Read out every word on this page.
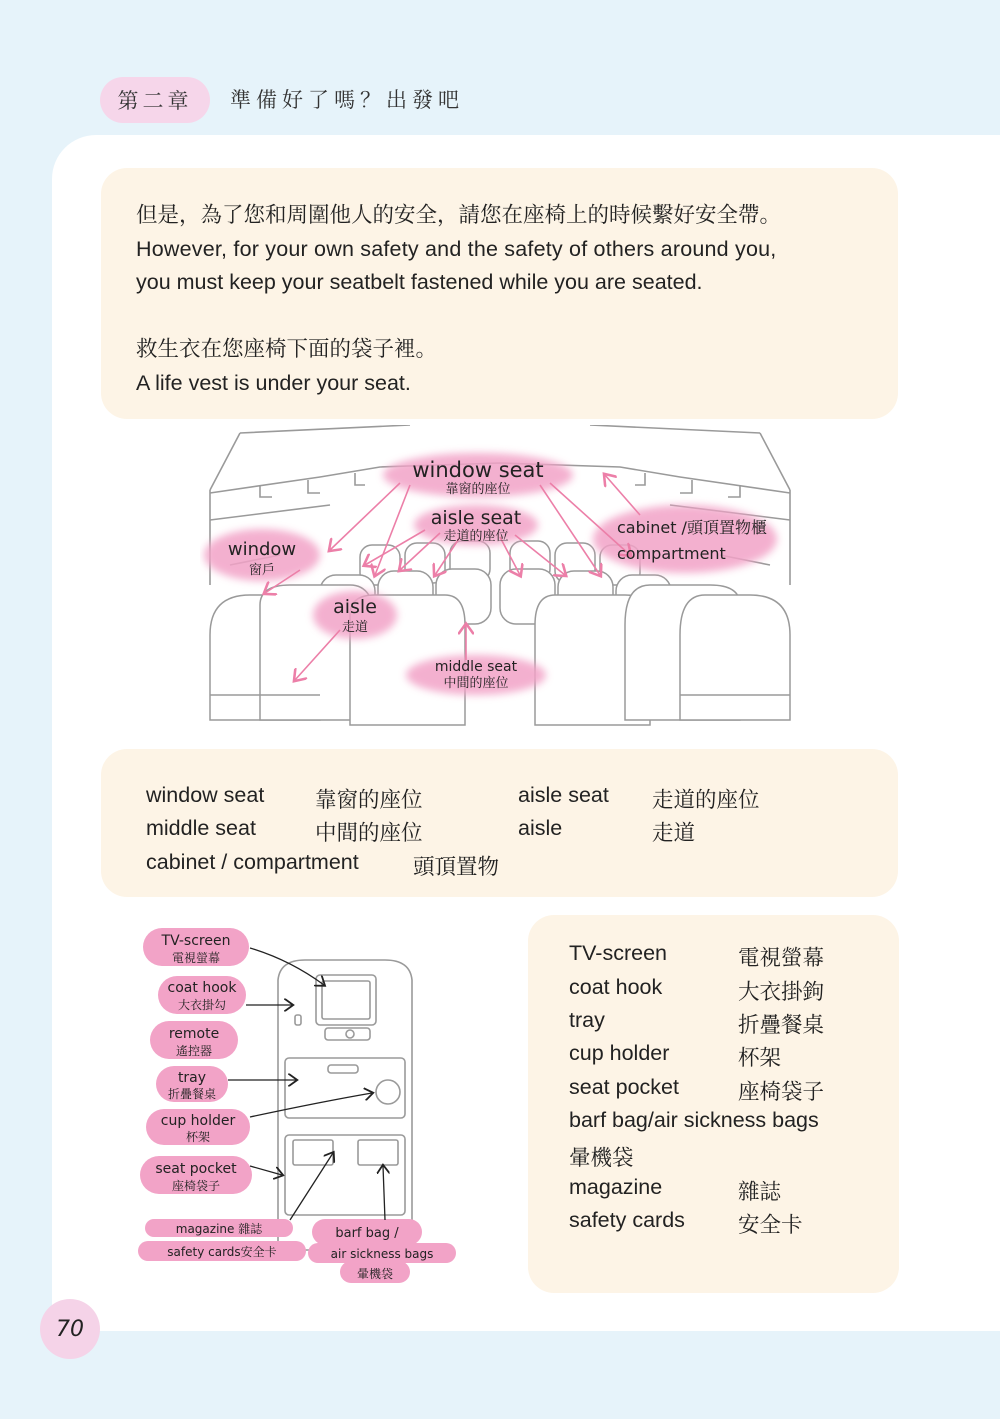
第二章	準備好了嗎？出發吧

但是，為了您和周圍他人的安全，請您在座椅上的時候繫好安全帶。

However, for your own safety and the safety of others around you,

you must keep your seatbelt fastened while you are seated.

救生衣在您座椅下面的袋子裡。

A life vest is under your seat.

window seat
靠窗的座位
aisle seat
走道的座位	cabinet /頭頂置物櫃
compartment
window
窗戶
aisle
走道
middle seat
中間的座位
window seat 靠窗的座位	aisle seat 走道的座位
middle seat	中間的座位	aisle	走道
cabinet / compartment	頭頂置物
TV-screen
電視螢幕
coat hook
大衣掛勾
remote
遙控器
tray
折疊餐桌
cup holder
杯架
seat pocket
座椅袋子
magazine 雜誌
safety cards安全卡
barf bag /
air sickness bags
暈機袋
TV-screen	電視螢幕
coat hook	大衣掛鉤
tray	折疊餐桌
cup holder	杯架
seat pocket	座椅袋子
barf bag/air sickness bags
暈機袋
magazine	雜誌
safety cards 安全卡
70
